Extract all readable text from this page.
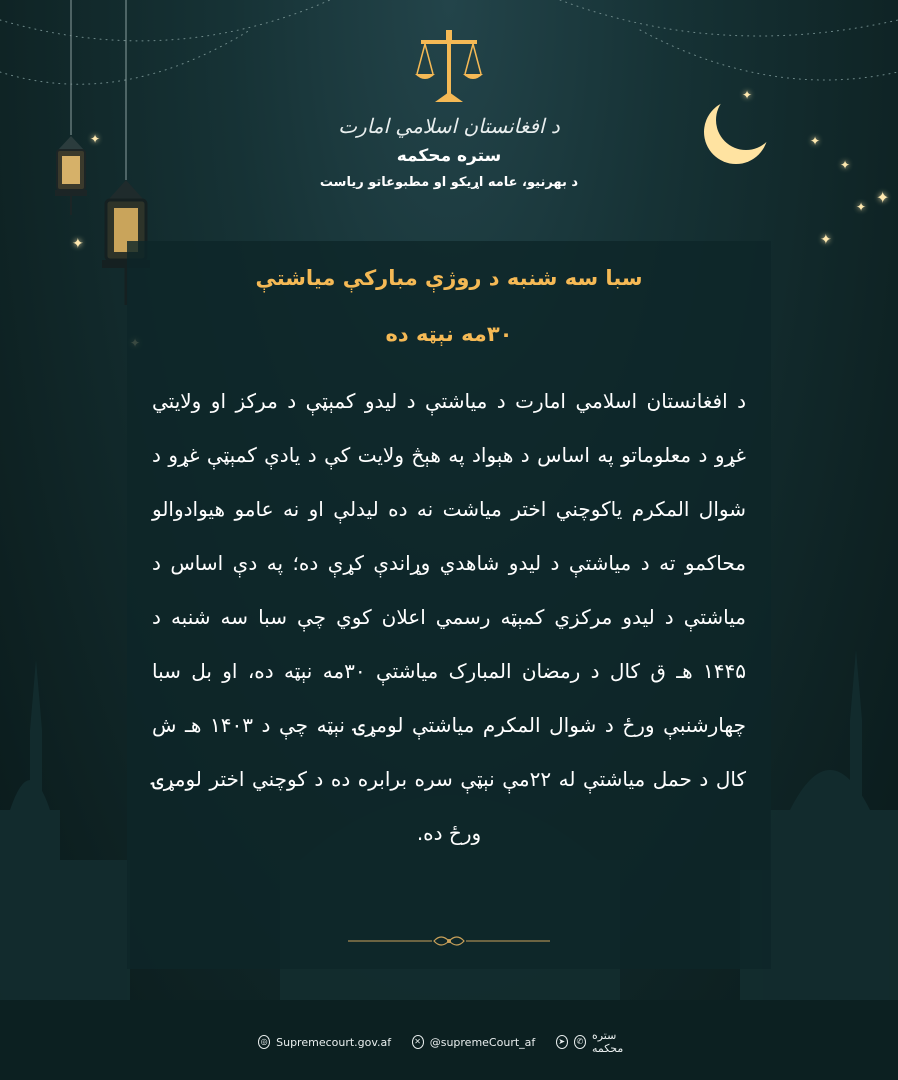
✦
✦
✦
✦
✦
✦
✦
✦
د افغانستان اسلامي امارت
ستره محکمه
د بهرنیو، عامه اړیکو او مطبوعاتو ریاست
سبا سه شنبه د روژې مبارکې میاشتې
۳۰مه نېټه ده
د افغانستان اسلامي امارت د میاشتې د لیدو کمېټې د مرکز او ولایتي غړو د معلوماتو په اساس د هېواد په هېڅ ولایت کې د یادې کمېټې غړو د شوال المکرم یاکوچني اختر میاشت نه ده لیدلې او نه عامو هیوادوالو محاکمو ته د میاشتې د لیدو شاهدي وړاندې کړې ده؛ په دې اساس د میاشتې د لیدو مرکزي کمېټه رسمي اعلان کوي چې سبا سه شنبه د ۱۴۴۵ هـ ق کال د رمضان المبارک میاشتې ۳۰مه نېټه ده، او بل سبا چهارشنبې ورځ د شوال المکرم میاشتې لومړۍ نېټه چې د ۱۴۰۳ هـ ش کال د حمل میاشتې له ۲۲مې نېټې سره برابره ده د کوچني اختر لومړۍ ورځ ده.
◎ Supremecourt.gov.af	✕ @supremeCourt_af	➤	✆ ستره محکمه
